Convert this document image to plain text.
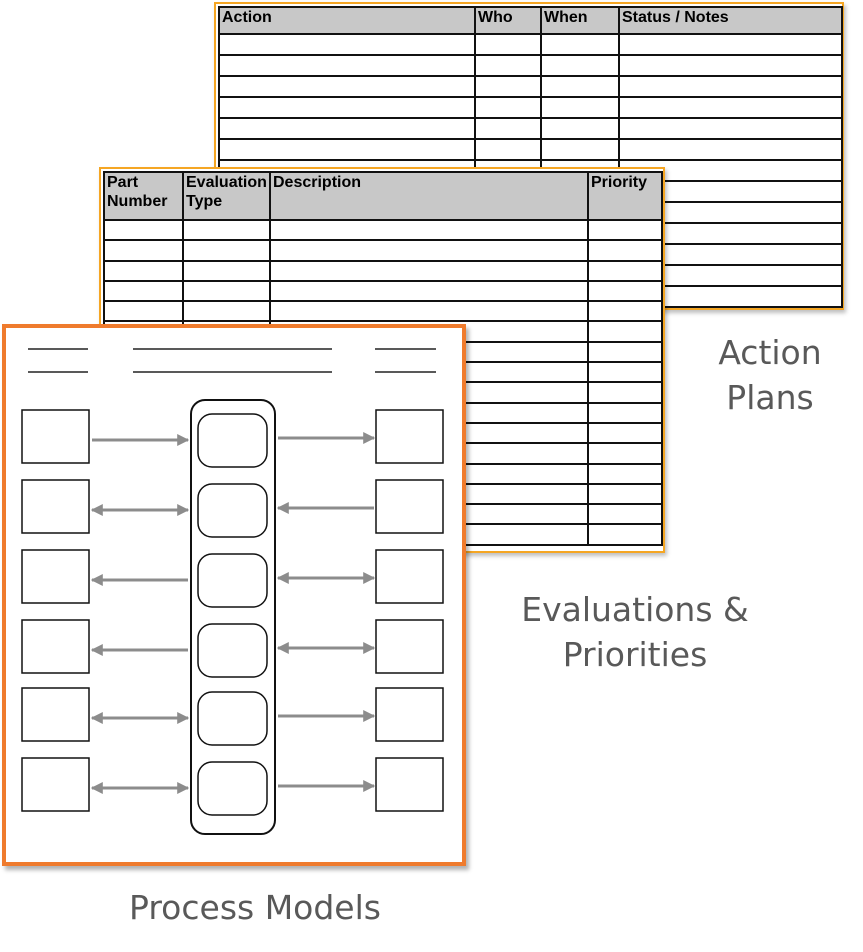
Action	Who	When	Status / Notes

Part Number	Evaluation Type	Description	Priority

Action Plans
Evaluations & Priorities
Process Models
